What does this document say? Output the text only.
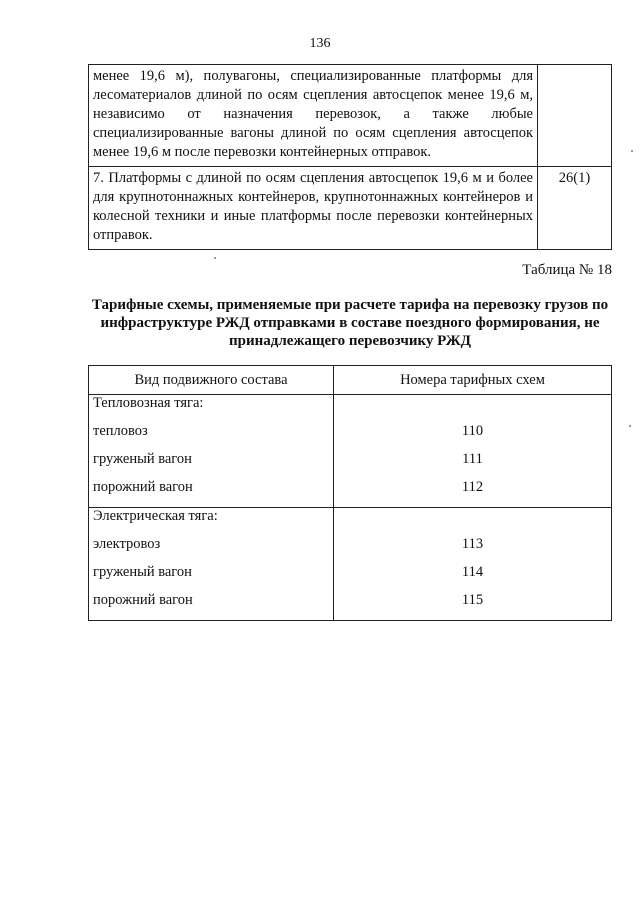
136
менее 19,6 м), полувагоны, специализированные платформы для лесоматериалов длиной по осям сцепления автосцепок менее 19,6 м, независимо от назначения перевозок, а также любые специализированные вагоны длиной по осям сцепления автосцепок менее 19,6 м после перевозки контейнерных отправок.	
7. Платформы с длиной по осям сцепления автосцепок 19,6 м и более для крупнотоннажных контейнеров, крупнотоннажных контейнеров и колесной техники и иные платформы после перевозки контейнерных отправок.	26(1)
Таблица № 18
Тарифные схемы, применяемые при расчете тарифа на перевозку грузов по инфраструктуре РЖД отправками в составе поездного формирования, не принадлежащего перевозчику РЖД
Вид подвижного состава	Номера тарифных схем
Тепловозная тяга:	
тепловоз	110
груженый вагон	111
порожний вагон	112
Электрическая тяга:	
электровоз	113
груженый вагон	114
порожний вагон	115
